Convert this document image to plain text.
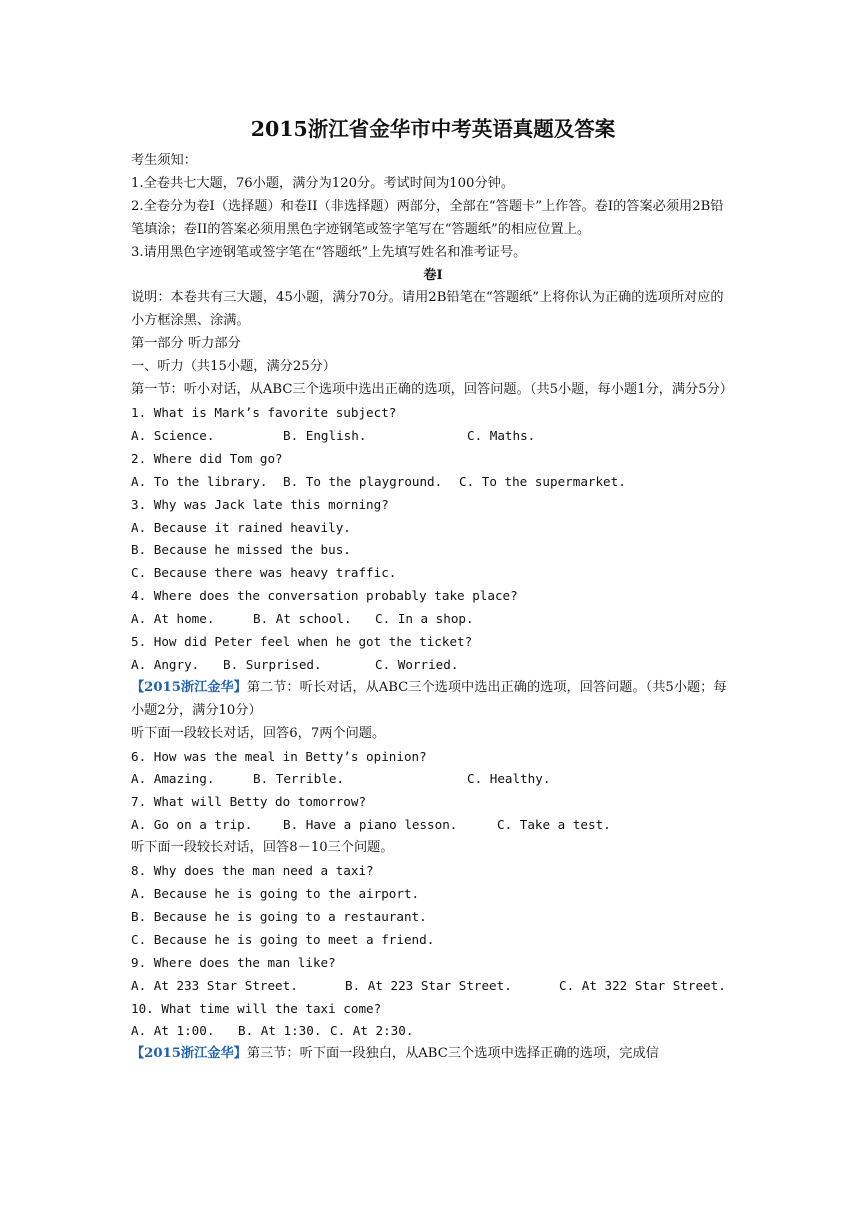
2015浙江省金华市中考英语真题及答案

考生须知：

1.全卷共七大题，76小题，满分为120分。考试时间为100分钟。

2.全卷分为卷I（选择题）和卷II（非选择题）两部分，全部在“答题卡”上作答。卷I的答案必须用2B铅笔填涂；卷II的答案必须用黑色字迹钢笔或签字笔写在“答题纸”的相应位置上。

3.请用黑色字迹钢笔或签字笔在“答题纸”上先填写姓名和准考证号。

卷Ⅰ

说明：本卷共有三大题，45小题，满分70分。请用2B铅笔在“答题纸”上将你认为正确的选项所对应的小方框涂黑、涂满。

第一部分 听力部分

一、听力（共15小题，满分25分）

第一节：听小对话，从ABC三个选项中选出正确的选项，回答问题。（共5小题，每小题1分，满分5分）

1. What is Mark’s favorite subject?

A. Science.	B. English.	C. Maths.

2. Where did Tom go?

A. To the library. B. To the playground. C. To the supermarket.

3. Why was Jack late this morning?

A. Because it rained heavily.

B. Because he missed the bus.

C. Because there was heavy traffic.

4. Where does the conversation probably take place?

A. At home.	B. At school. C. In a shop.

5. How did Peter feel when he got the ticket?

A. Angry. B. Surprised.	C. Worried.

【2015浙江金华】第二节：听长对话，从ABC三个选项中选出正确的选项，回答问题。（共5小题；每小题2分，满分10分）

听下面一段较长对话，回答6，7两个问题。

6. How was the meal in Betty’s opinion?

A. Amazing.	B. Terrible.	C. Healthy.

7. What will Betty do tomorrow?

A. Go on a trip. B. Have a piano lesson.	C. Take a test.

听下面一段较长对话，回答8－10三个问题。

8. Why does the man need a taxi?

A. Because he is going to the airport.

B. Because he is going to a restaurant.

C. Because he is going to meet a friend.

9. Where does the man like?

A. At 233 Star Street.	B. At 223 Star Street.	C. At 322 Star Street.

10. What time will the taxi come?

A. At 1:00. B. At 1:30. C. At 2:30.

【2015浙江金华】第三节：听下面一段独白，从ABC三个选项中选择正确的选项，完成信
